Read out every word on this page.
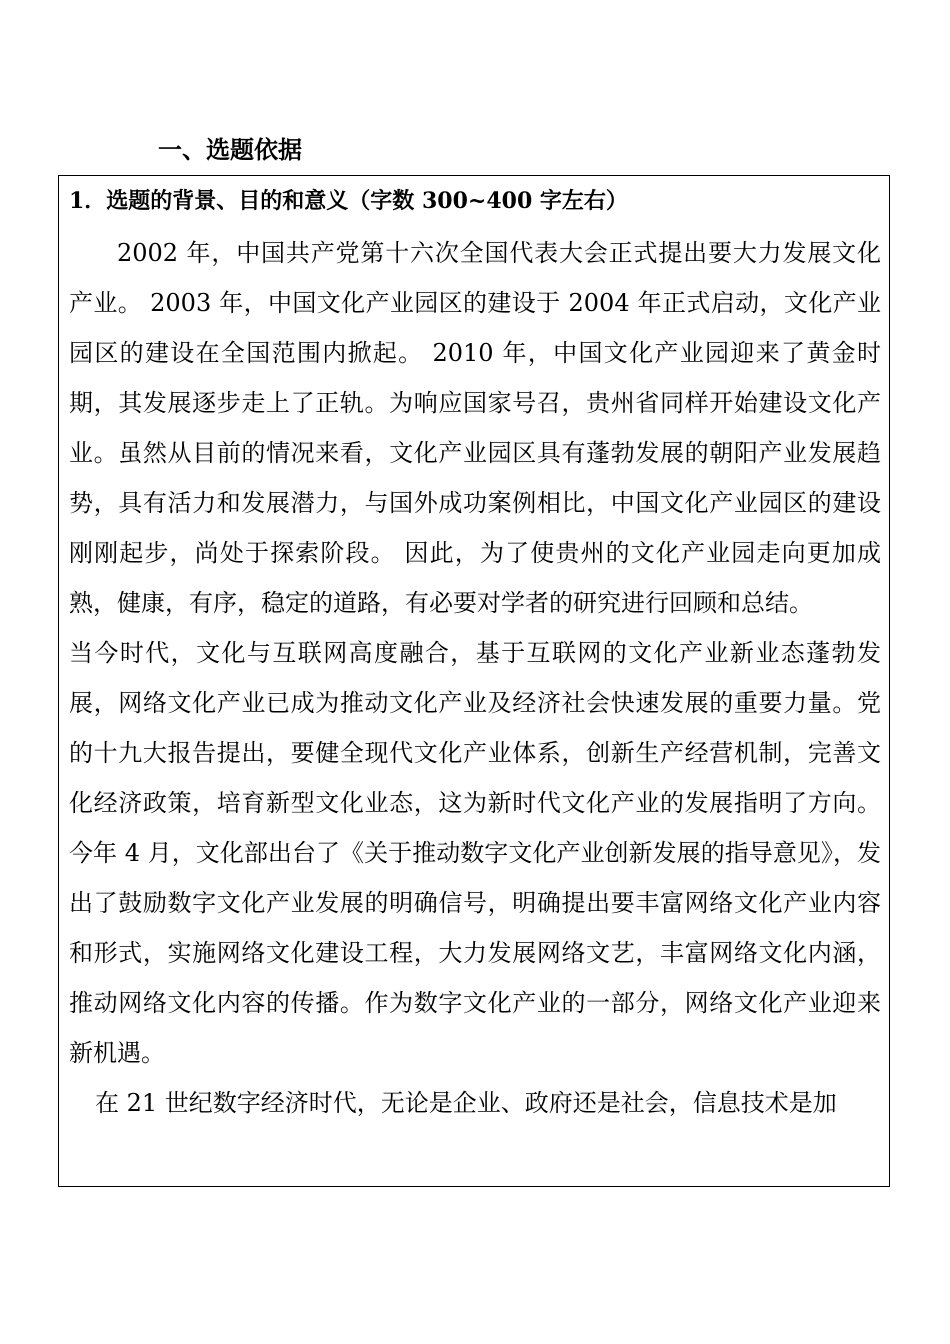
一、选题依据
1．选题的背景、目的和意义（字数 300~400 字左右）

2002 年，中国共产党第十六次全国代表大会正式提出要大力发展文化产业。 2003 年，中国文化产业园区的建设于 2004 年正式启动，文化产业园区的建设在全国范围内掀起。 2010 年，中国文化产业园迎来了黄金时期，其发展逐步走上了正轨。为响应国家号召，贵州省同样开始建设文化产业。虽然从目前的情况来看，文化产业园区具有蓬勃发展的朝阳产业发展趋势，具有活力和发展潜力，与国外成功案例相比，中国文化产业园区的建设刚刚起步，尚处于探索阶段。 因此，为了使贵州的文化产业园走向更加成熟，健康，有序，稳定的道路，有必要对学者的研究进行回顾和总结。

当今时代，文化与互联网高度融合，基于互联网的文化产业新业态蓬勃发展，网络文化产业已成为推动文化产业及经济社会快速发展的重要力量。党的十九大报告提出，要健全现代文化产业体系，创新生产经营机制，完善文化经济政策，培育新型文化业态，这为新时代文化产业的发展指明了方向。今年 4 月，文化部出台了《关于推动数字文化产业创新发展的指导意见》，发出了鼓励数字文化产业发展的明确信号，明确提出要丰富网络文化产业内容和形式，实施网络文化建设工程，大力发展网络文艺，丰富网络文化内涵，推动网络文化内容的传播。作为数字文化产业的一部分，网络文化产业迎来新机遇。

在 21 世纪数字经济时代，无论是企业、政府还是社会，信息技术是加
